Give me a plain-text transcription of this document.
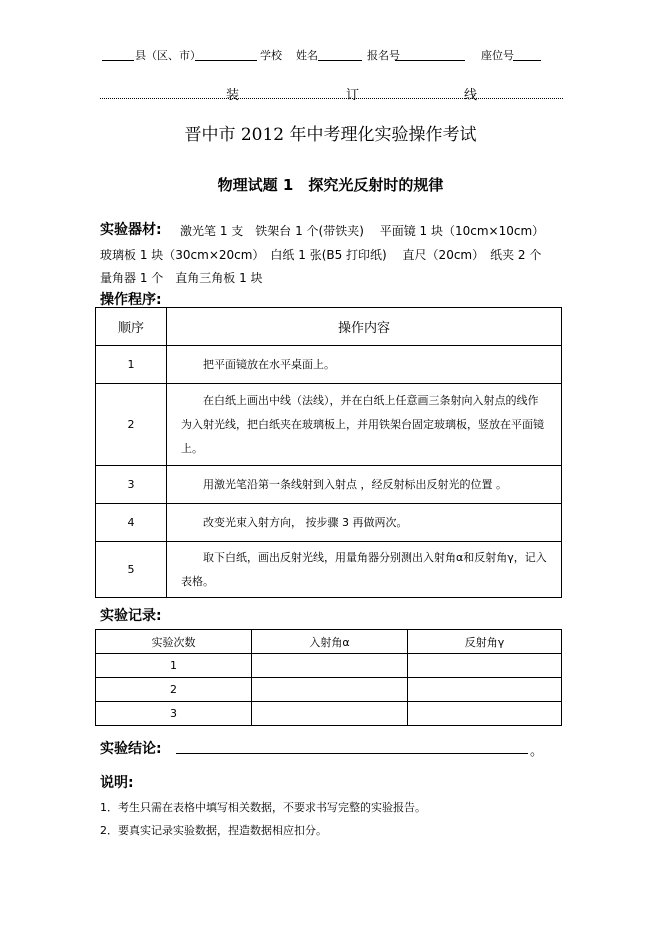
县（区、市）	学校 姓名	报名号	座位号
装	订	线
晋中市 2012 年中考理化实验操作考试
物理试题 1　探究光反射时的规律
实验器材: 激光笔 1 支　铁架台 1 个(带铁夹)　 平面镜 1 块（10cm×10cm）
玻璃板 1 块（30cm×20cm）　白纸 1 张(B5 打印纸)　 直尺（20cm）　纸夹 2 个
量角器 1 个　直角三角板 1 块
操作程序:
顺序	操作内容
1	把平面镜放在水平桌面上。
2	在白纸上画出中线（法线），并在白纸上任意画三条射向入射点的线作为入射光线，把白纸夹在玻璃板上，并用铁架台固定玻璃板，竖放在平面镜上。
3	用激光笔沿第一条线射到入射点 ，经反射标出反射光的位置 。
4	改变光束入射方向， 按步骤 3 再做两次。
5	取下白纸，画出反射光线，用量角器分别测出入射角α和反射角γ，记入表格。
实验记录:
实验次数	入射角α	反射角γ
1		
2		
3		
实验结论:	。
说明:
1．考生只需在表格中填写相关数据，不要求书写完整的实验报告。
2．要真实记录实验数据，捏造数据相应扣分。
